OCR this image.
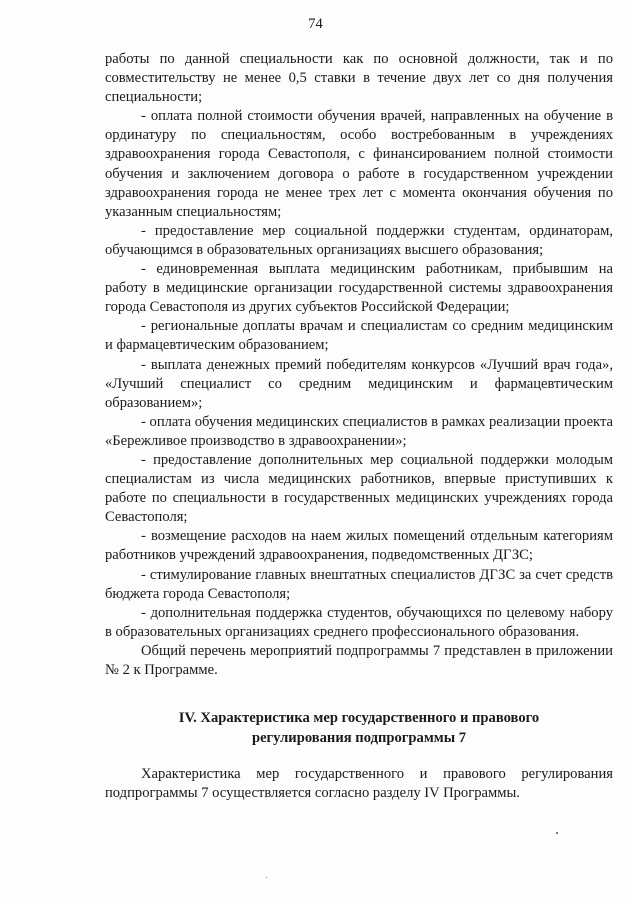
74

работы по данной специальности как по основной должности, так и по совместительству не менее 0,5 ставки в течение двух лет со дня получения специальности;

- оплата полной стоимости обучения врачей, направленных на обучение в ординатуру по специальностям, особо востребованным в учреждениях здравоохранения города Севастополя, с финансированием полной стоимости обучения и заключением договора о работе в государственном учреждении здравоохранения города не менее трех лет с момента окончания обучения по указанным специальностям;

- предоставление мер социальной поддержки студентам, ординаторам, обучающимся в образовательных организациях высшего образования;

- единовременная выплата медицинским работникам, прибывшим на работу в медицинские организации государственной системы здравоохранения города Севастополя из других субъектов Российской Федерации;

- региональные доплаты врачам и специалистам со средним медицинским и фармацевтическим образованием;

- выплата денежных премий победителям конкурсов «Лучший врач года», «Лучший специалист со средним медицинским и фармацевтическим образованием»;

- оплата обучения медицинских специалистов в рамках реализации проекта «Бережливое производство в здравоохранении»;

- предоставление дополнительных мер социальной поддержки молодым специалистам из числа медицинских работников, впервые приступивших к работе по специальности в государственных медицинских учреждениях города Севастополя;

- возмещение расходов на наем жилых помещений отдельным категориям работников учреждений здравоохранения, подведомственных ДГЗС;

- стимулирование главных внештатных специалистов ДГЗС за счет средств бюджета города Севастополя;

- дополнительная поддержка студентов, обучающихся по целевому набору в образовательных организациях среднего профессионального образования.

Общий перечень мероприятий подпрограммы 7 представлен в приложении № 2 к Программе.

IV. Характеристика мер государственного и правового
регулирования подпрограммы 7

Характеристика мер государственного и правового регулирования подпрограммы 7 осуществляется согласно разделу IV Программы.
